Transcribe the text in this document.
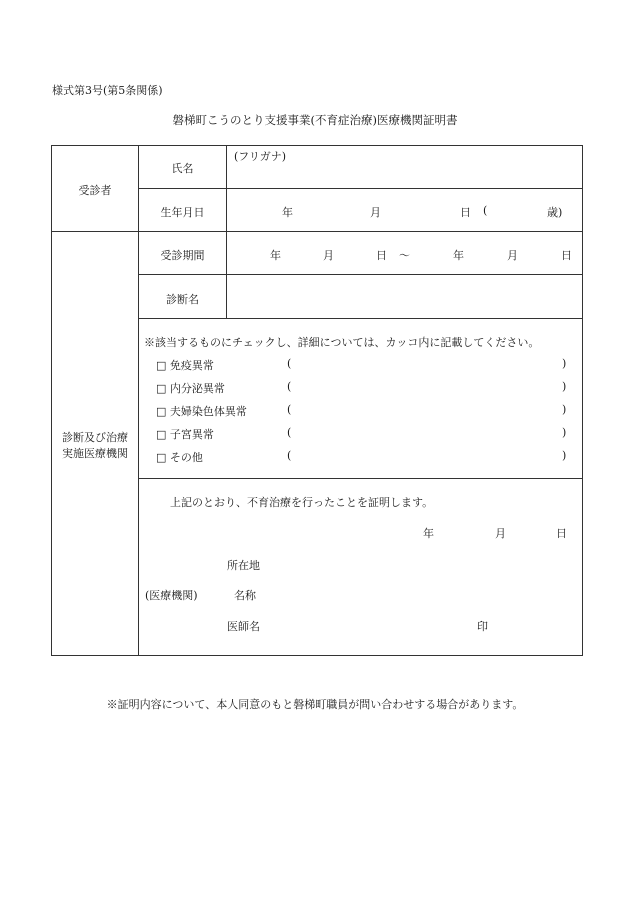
様式第3号(第5条関係)
磐梯町こうのとり支援事業(不育症治療)医療機関証明書
受診者
氏名
(フリガナ)
生年月日	年	月	日 (	歳)
診断及び治療
実施医療機関
受診期間	年	月	日 〜	年	月	日
診断名
※該当するものにチェックし、詳細については、カッコ内に記載してください。
□ 免疫異常	(	)
□ 内分泌異常	(	)
□ 夫婦染色体異常	(	)
□ 子宮異常	(	)
□ その他	(	)
上記のとおり、不育治療を行ったことを証明します。
年	月	日
所在地
(医療機関)	名称
医師名	印
※証明内容について、本人同意のもと磐梯町職員が問い合わせする場合があります。
